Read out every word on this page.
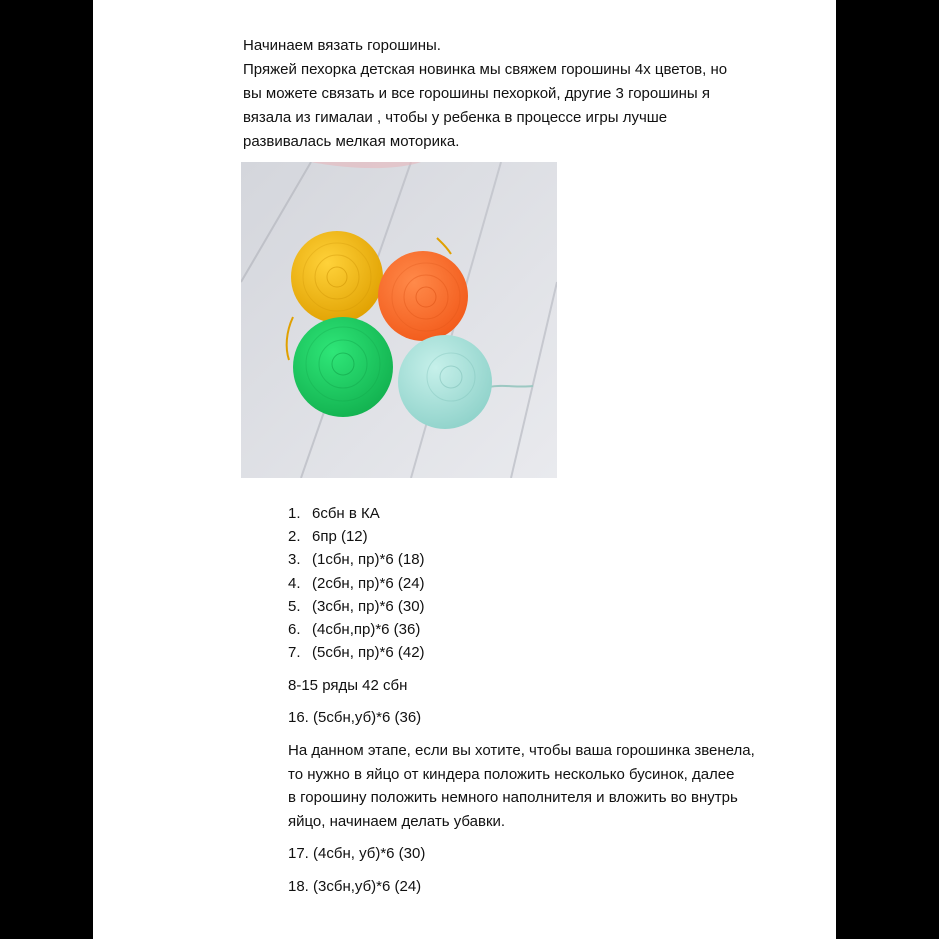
Начинаем вязать горошины.

Пряжей пехорка детская новинка мы свяжем горошины 4х цветов, но

вы можете связать и все горошины пехоркой, другие 3 горошины я

вязала из гималаи , чтобы у ребенка в процессе игры лучше

развивалась мелкая моторика.

1. 6сбн в КА
2. 6пр (12)
3. (1сбн, пр)*6 (18)
4. (2сбн, пр)*6 (24)
5. (3сбн, пр)*6 (30)
6. (4сбн,пр)*6 (36)
7. (5сбн, пр)*6 (42)

8-15 ряды 42 сбн

16. (5сбн,уб)*6 (36)

На данном этапе, если вы хотите, чтобы ваша горошинка звенела,
то нужно в яйцо от киндера положить несколько бусинок, далее
в горошину положить немного наполнителя и вложить во внутрь
яйцо, начинаем делать убавки.

17. (4сбн, уб)*6 (30)

18. (3сбн,уб)*6 (24)
